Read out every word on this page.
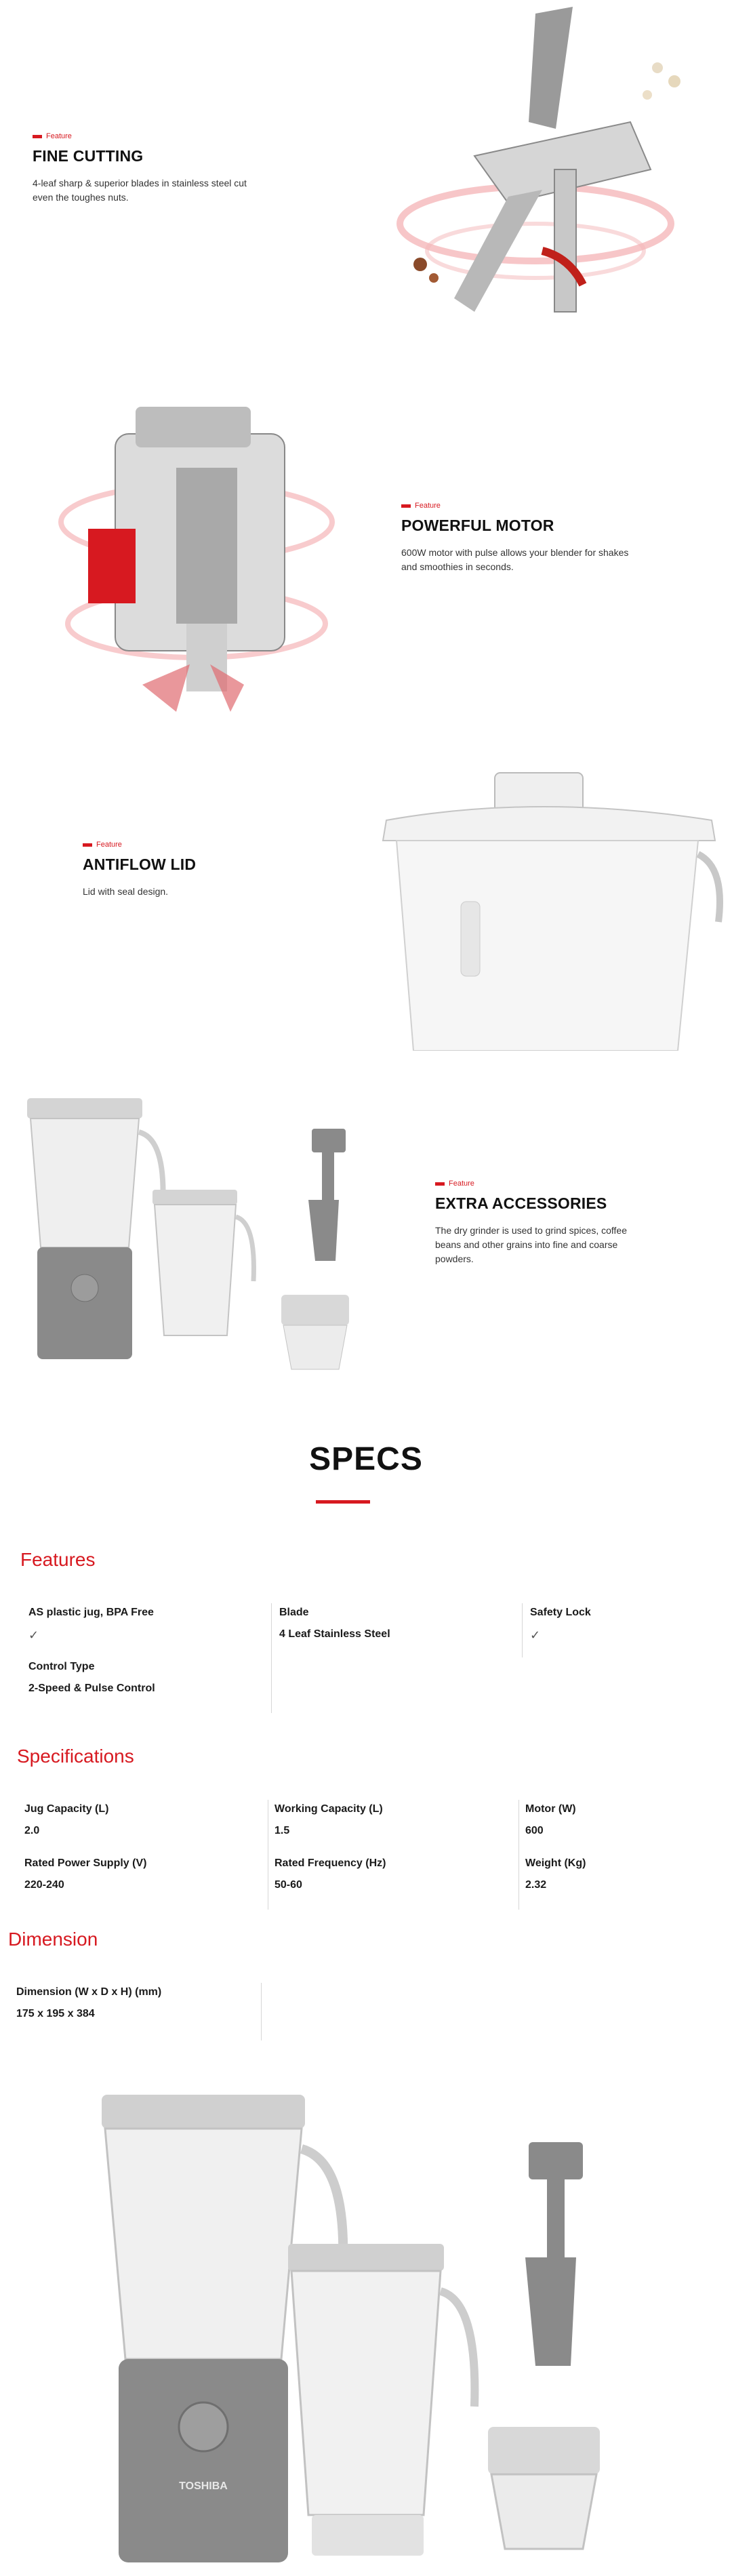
Feature
FINE CUTTING
4-leaf sharp & superior blades in stainless steel cut even the toughes nuts.
Feature
POWERFUL MOTOR
600W motor with pulse allows your blender for shakes and smoothies in seconds.
Feature
ANTIFLOW LID
Lid with seal design.
Feature
EXTRA ACCESSORIES
The dry grinder is used to grind spices, coffee beans and other grains into fine and coarse powders.
SPECS
Features
AS plastic jug, BPA Free
✓
Blade
4 Leaf Stainless Steel
Safety Lock
✓
Control Type
2-Speed & Pulse Control
Specifications
Jug Capacity (L)
2.0
Working Capacity (L)
1.5
Motor (W)
600
Rated Power Supply (V)
220-240
Rated Frequency (Hz)
50-60
Weight (Kg)
2.32
Dimension
Dimension (W x D x H) (mm)
175 x 195 x 384
TOSHIBA
